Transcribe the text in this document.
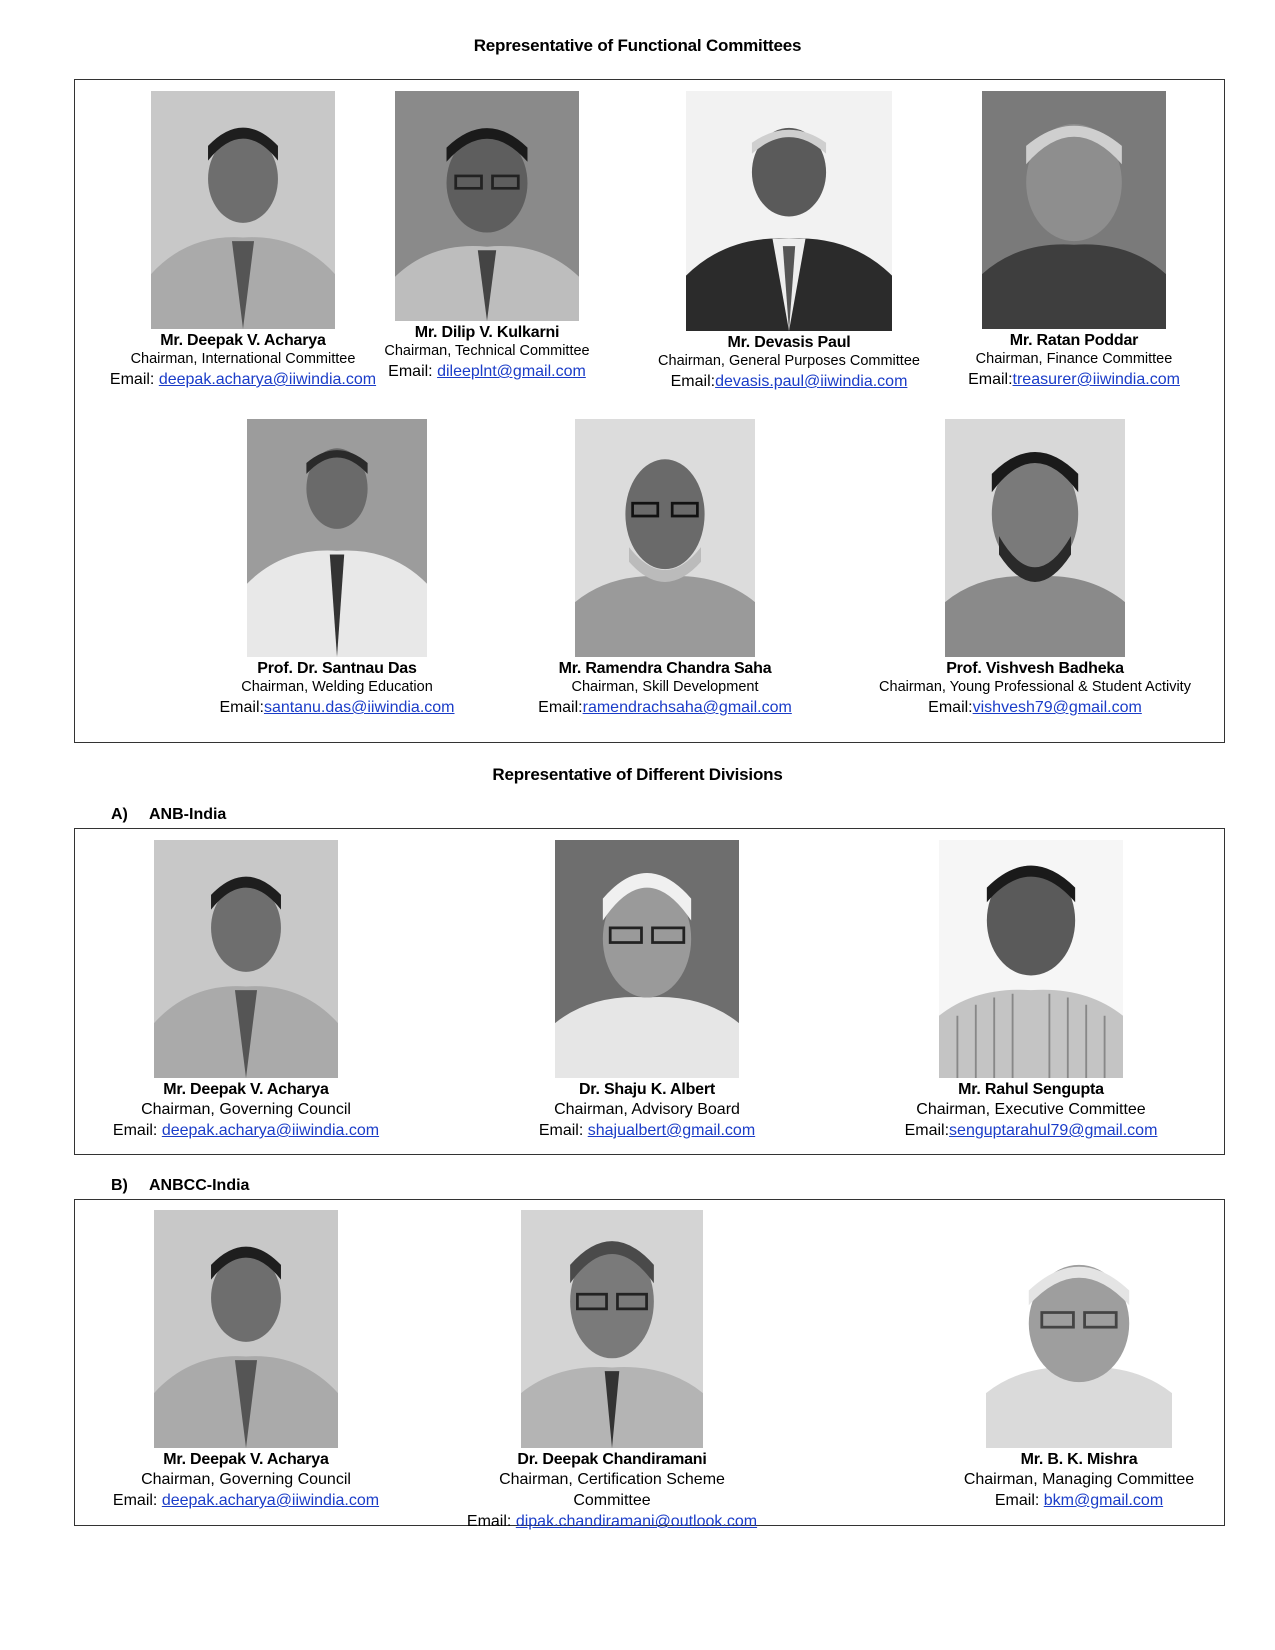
Representative of Functional Committees
Mr. Deepak V. Acharya
Chairman, International Committee
Email: deepak.acharya@iiwindia.com
Mr. Dilip V. Kulkarni
Chairman, Technical Committee
Email: dileeplnt@gmail.com
Mr. Devasis Paul
Chairman, General Purposes Committee
Email:devasis.paul@iiwindia.com
Mr. Ratan Poddar
Chairman, Finance Committee
Email:treasurer@iiwindia.com
Prof. Dr. Santnau Das
Chairman, Welding Education
Email:santanu.das@iiwindia.com
Mr. Ramendra Chandra Saha
Chairman, Skill Development
Email:ramendrachsaha@gmail.com
Prof. Vishvesh Badheka
Chairman, Young Professional & Student Activity
Email:vishvesh79@gmail.com
Representative of Different Divisions
A) ANB-India
Mr. Deepak V. Acharya
Chairman, Governing Council
Email: deepak.acharya@iiwindia.com
Dr. Shaju K. Albert
Chairman, Advisory Board
Email: shajualbert@gmail.com
Mr. Rahul Sengupta
Chairman, Executive Committee
Email:senguptarahul79@gmail.com
B) ANBCC-India
Mr. Deepak V. Acharya
Chairman, Governing Council
Email: deepak.acharya@iiwindia.com
Dr. Deepak Chandiramani
Chairman, Certification Scheme Committee
Email: dipak.chandiramani@outlook.com
Mr. B. K. Mishra
Chairman, Managing Committee
Email: bkm@gmail.com
